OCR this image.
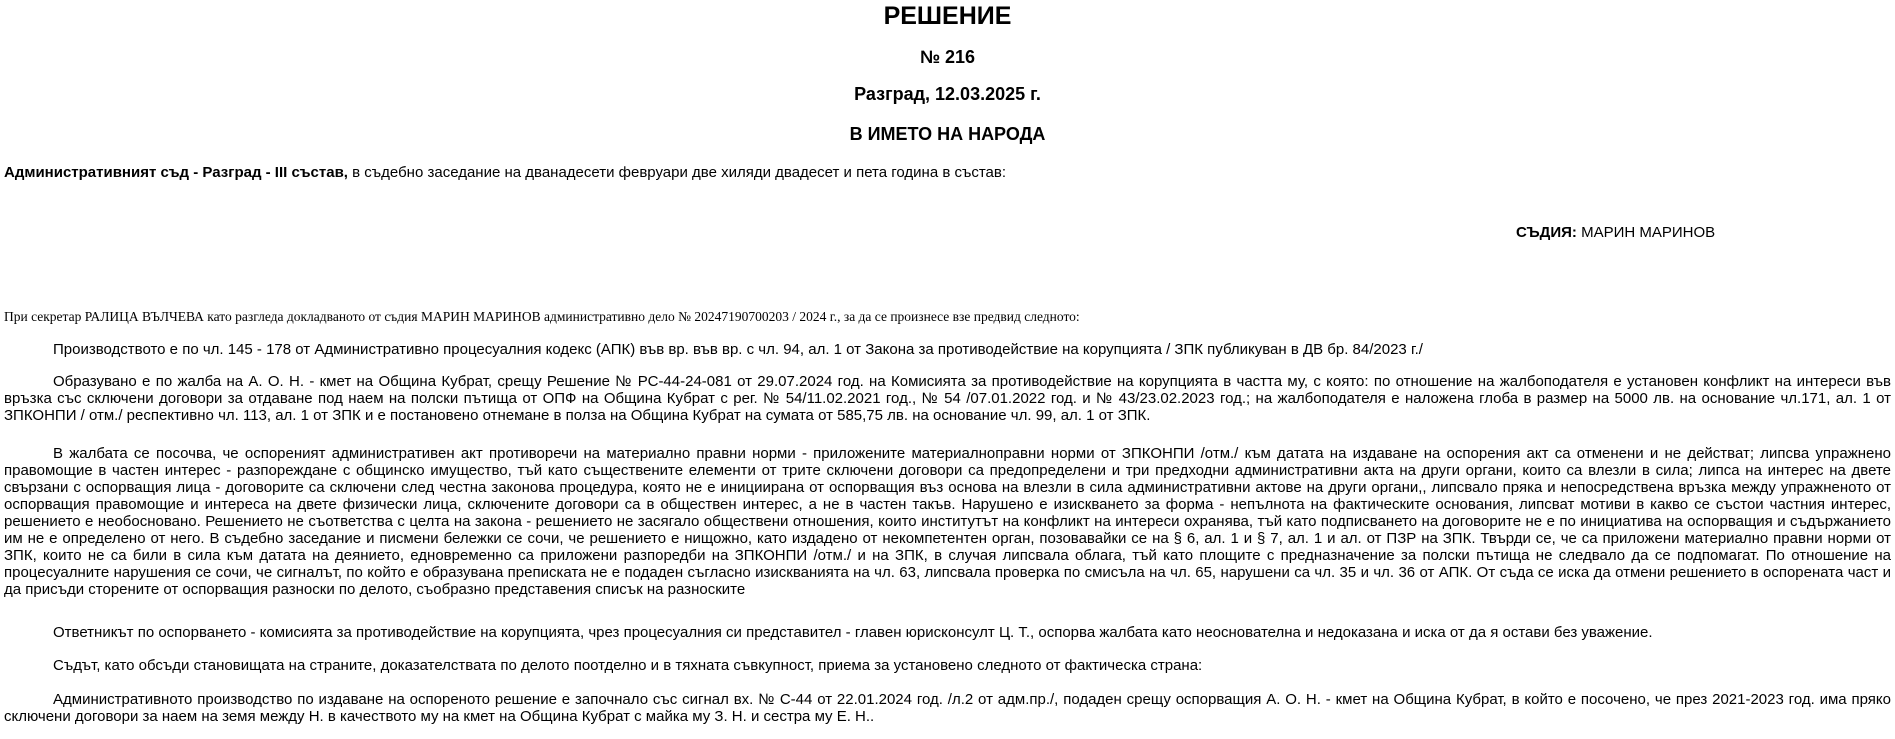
РЕШЕНИЕ
№ 216
Разград, 12.03.2025 г.
В ИМЕТО НА НАРОДА
Административният съд - Разград - III състав, в съдебно заседание на дванадесети февруари две хиляди двадесет и пета година в състав:
СЪДИЯ: МАРИН МАРИНОВ
При секретар РАЛИЦА ВЪЛЧЕВА като разгледа докладваното от съдия МАРИН МАРИНОВ административно дело № 20247190700203 / 2024 г., за да се произнесе взе предвид следното:
Производството е по чл. 145 - 178 от Административно процесуалния кодекс (АПК) във вр. във вр. с чл. 94, ал. 1 от Закона за противодействие на корупцията / ЗПК публикуван в ДВ бр. 84/2023 г./
Образувано е по жалба на А. О. Н. - кмет на Община Кубрат, срещу Решение № РС-44-24-081 от 29.07.2024 год. на Комисията за противодействие на корупцията в частта му, с която: по отношение на жалбоподателя е установен конфликт на интереси във връзка със сключени договори за отдаване под наем на полски пътища от ОПФ на Община Кубрат с рег. № 54/11.02.2021 год., № 54 /07.01.2022 год. и № 43/23.02.2023 год.; на жалбоподателя е наложена глоба в размер на 5000 лв. на основание чл.171, ал. 1 от ЗПКОНПИ / отм./ респективно чл. 113, ал. 1 от ЗПК и е постановено отнемане в полза на Община Кубрат на сумата от 585,75 лв. на основание чл. 99, ал. 1 от ЗПК.
В жалбата се посочва, че оспореният административен акт противоречи на материално правни норми - приложените материалноправни норми от ЗПКОНПИ /отм./ към датата на издаване на оспорения акт са отменени и не действат; липсва упражнено правомощие в частен интерес - разпореждане с общинско имущество, тъй като съществените елементи от трите сключени договори са предопределени и три предходни административни акта на други органи, които са влезли в сила; липса на интерес на двете свързани с оспорващия лица - договорите са сключени след честна законова процедура, която не е инициирана от оспорващия въз основа на влезли в сила административни актове на други органи,, липсвало пряка и непосредствена връзка между упражненото от оспорващия правомощие и интереса на двете физически лица, сключените договори са в обществен интерес, а не в частен такъв. Нарушено е изискването за форма - непълнота на фактическите основания, липсват мотиви в какво се състои частния интерес, решението е необосновано. Решението не съответства с целта на закона - решението не засягало обществени отношения, които институтът на конфликт на интереси охранява, тъй като подписването на договорите не е по инициатива на оспорващия и съдържанието им не е определено от него. В съдебно заседание и писмени бележки се сочи, че решението е нищожно, като издадено от некомпетентен орган, позовавайки се на § 6, ал. 1 и § 7, ал. 1 и ал. от ПЗР на ЗПК. Твърди се, че са приложени материално правни норми от ЗПК, които не са били в сила към датата на деянието, едновременно са приложени разпоредби на ЗПКОНПИ /отм./ и на ЗПК, в случая липсвала облага, тъй като площите с предназначение за полски пътища не следвало да се подпомагат. По отношение на процесуалните нарушения се сочи, че сигналът, по който е образувана преписката не е подаден съгласно изискванията на чл. 63, липсвала проверка по смисъла на чл. 65, нарушени са чл. 35 и чл. 36 от АПК. От съда се иска да отмени решението в оспорената част и да присъди сторените от оспорващия разноски по делото, съобразно представения списък на разноските
Ответникът по оспорването - комисията за противодействие на корупцията, чрез процесуалния си представител - главен юрисконсулт Ц. Т., оспорва жалбата като неоснователна и недоказана и иска от да я остави без уважение.
Съдът, като обсъди становищата на страните, доказателствата по делото поотделно и в тяхната съвкупност, приема за установено следното от фактическа страна:
Административното производство по издаване на оспореното решение е започнало със сигнал вх. № С-44 от 22.01.2024 год. /л.2 от адм.пр./, подаден срещу оспорващия А. О. Н. - кмет на Община Кубрат, в който е посочено, че през 2021-2023 год. има пряко сключени договори за наем на земя между Н. в качеството му на кмет на Община Кубрат с майка му З. Н. и сестра му Е. Н..
